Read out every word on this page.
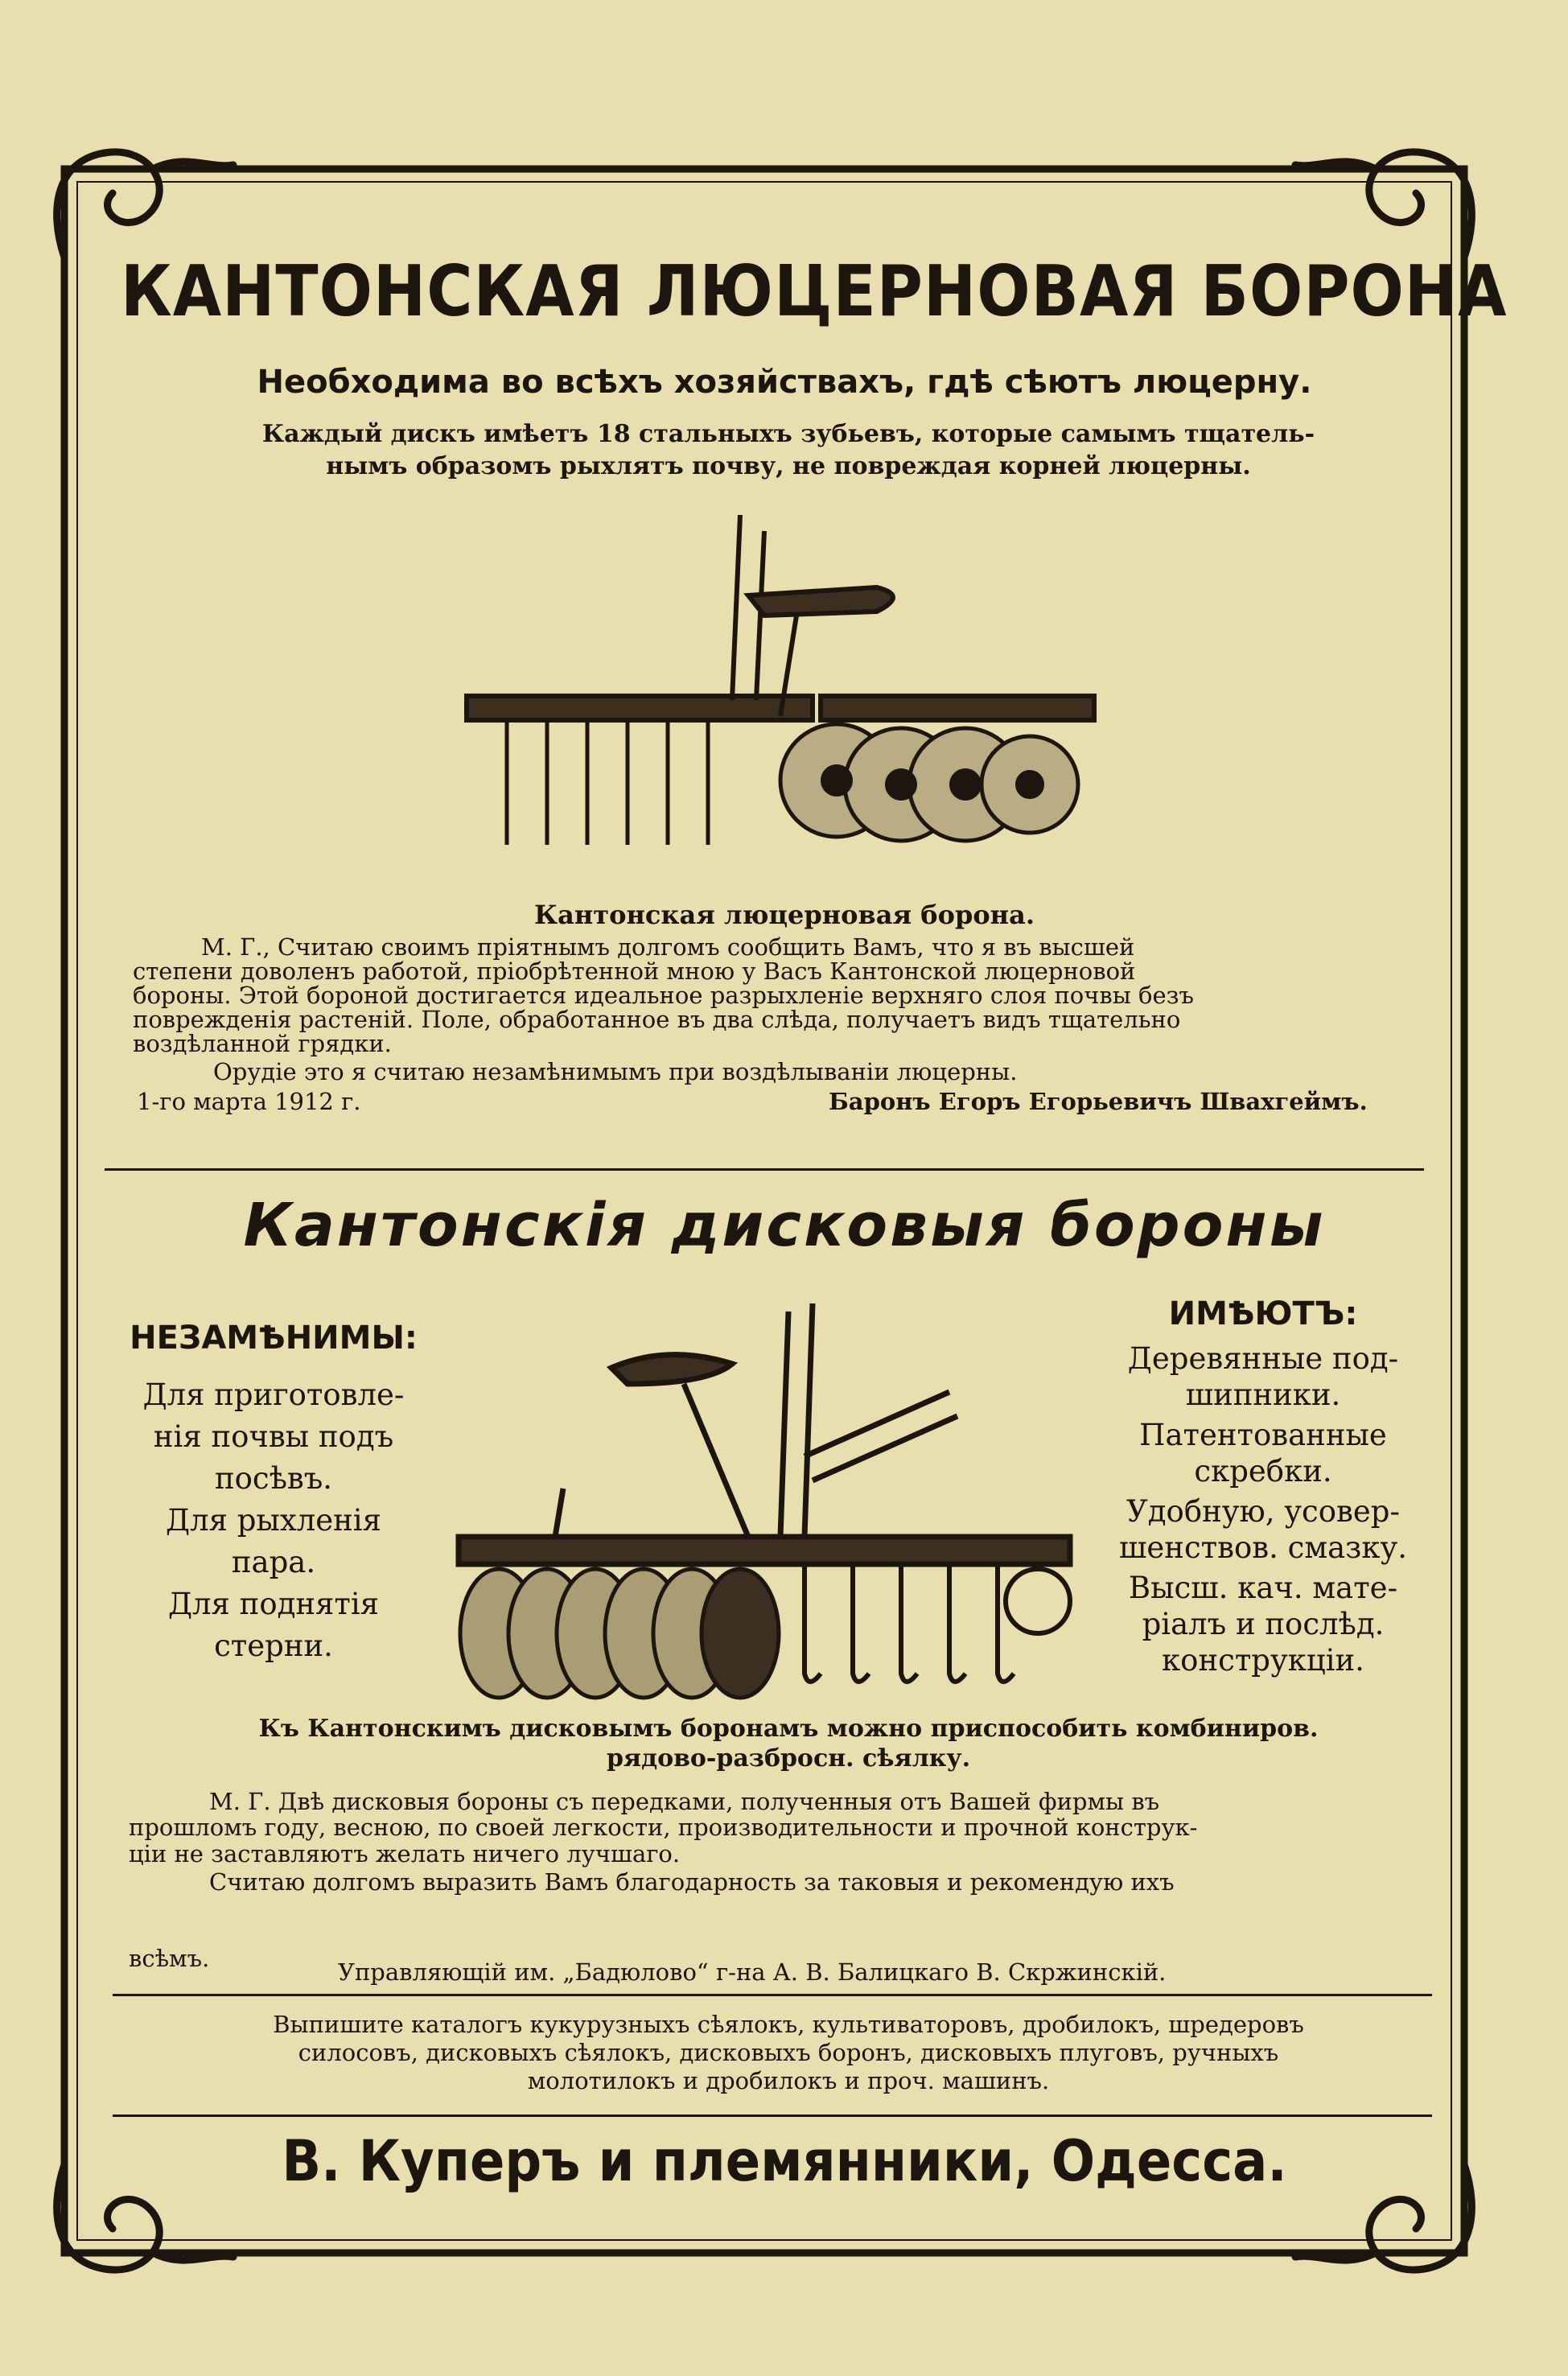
КАНТОНСКАЯ ЛЮЦЕРНОВАЯ БОРОНА
Необходима во всѣхъ хозяйствахъ, гдѣ сѣютъ люцерну.
Каждый дискъ имѣетъ 18 стальныхъ зубьевъ, которые самымъ тщатель-
нымъ образомъ рыхлятъ почву, не повреждая корней люцерны.
Кантонская люцерновая борона.
М. Г., Считаю своимъ пріятнымъ долгомъ сообщить Вамъ, что я въ высшей
степени доволенъ работой, пріобрѣтенной мною у Васъ Кантонской люцерновой
бороны. Этой бороной достигается идеальное разрыхленіе верхняго слоя почвы безъ
поврежденія растеній. Поле, обработанное въ два слѣда, получаетъ видъ тщательно
воздѣланной грядки.
Орудіе это я считаю незамѣнимымъ при воздѣлываніи люцерны.
1-го марта 1912 г.	Баронъ Егоръ Егорьевичъ Швахгеймъ.
Кантонскія дисковыя бороны
НЕЗАМѢНИМЫ:
Для приготовле-
нія почвы подъ
посѣвъ.
Для рыхленія
пара.
Для поднятія
стерни.
ИМѢЮТЪ:
Деревянные под-
шипники.
Патентованные
скребки.
Удобную, усовер-
шенствов. смазку.
Высш. кач. мате-
ріалъ и послѣд.
конструкціи.
Къ Кантонскимъ дисковымъ боронамъ можно приспособить комбиниров.
рядово-разбросн. сѣялку.
М. Г. Двѣ дисковыя бороны съ передками, полученныя отъ Вашей фирмы въ
прошломъ году, весною, по своей легкости, производительности и прочной конструк-
ціи не заставляютъ желать ничего лучшаго.
Считаю долгомъ выразить Вамъ благодарность за таковыя и рекомендую ихъ
всѣмъ.	Управляющій им. „Бадюлово“ г-на А. В. Балицкаго В. Скржинскій.
Выпишите каталогъ кукурузныхъ сѣялокъ, культиваторовъ, дробилокъ, шредеровъ
силосовъ, дисковыхъ сѣялокъ, дисковыхъ боронъ, дисковыхъ плуговъ, ручныхъ
молотилокъ и дробилокъ и проч. машинъ.
В. Куперъ и племянники, Одесса.
